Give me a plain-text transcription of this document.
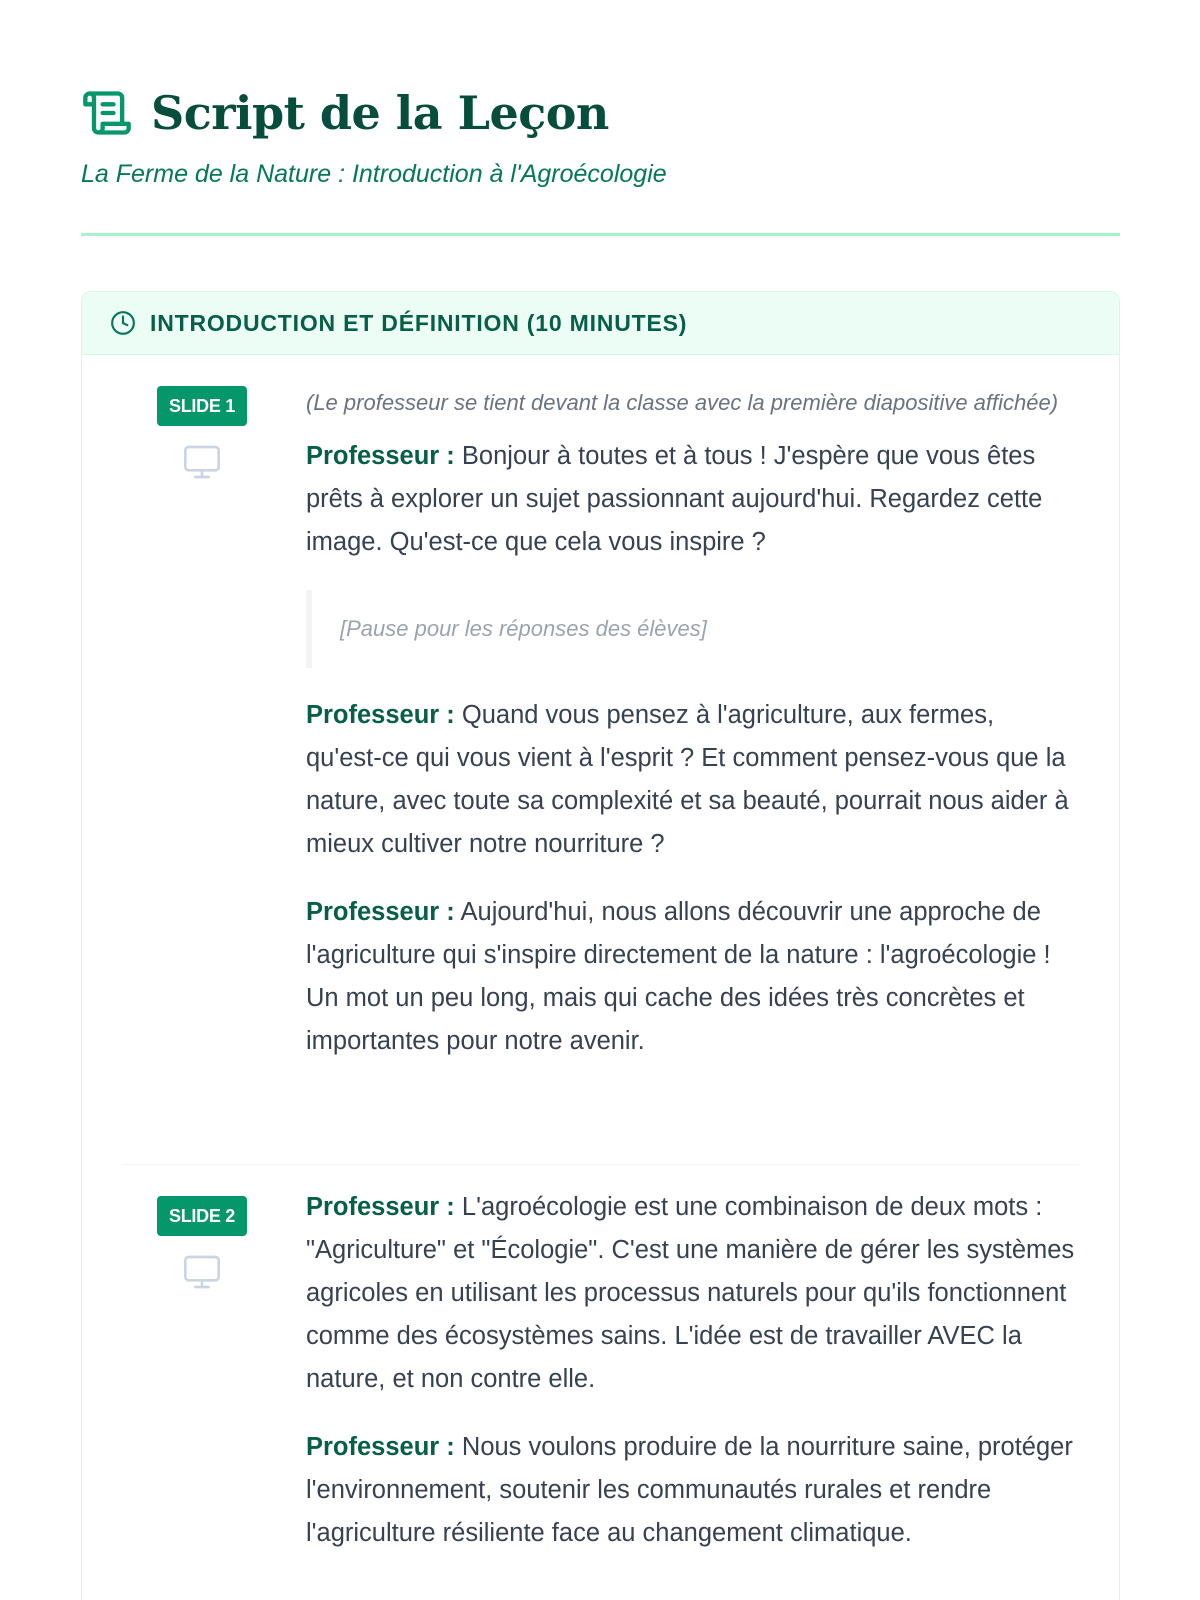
Script de la Leçon
La Ferme de la Nature : Introduction à l'Agroécologie
INTRODUCTION ET DÉFINITION (10 MINUTES)
SLIDE 1	(Le professeur se tient devant la classe avec la première diapositive affichée)

Professeur : Bonjour à toutes et à tous ! J'espère que vous êtes prêts à explorer un sujet passionnant aujourd'hui. Regardez cette image. Qu'est-ce que cela vous inspire ?

[Pause pour les réponses des élèves]

Professeur : Quand vous pensez à l'agriculture, aux fermes, qu'est-ce qui vous vient à l'esprit ? Et comment pensez-vous que la nature, avec toute sa complexité et sa beauté, pourrait nous aider à mieux cultiver notre nourriture ?

Professeur : Aujourd'hui, nous allons découvrir une approche de l'agriculture qui s'inspire directement de la nature : l'agroécologie ! Un mot un peu long, mais qui cache des idées très concrètes et importantes pour notre avenir.

SLIDE 2	Professeur : L'agroécologie est une combinaison de deux mots : "Agriculture" et "Écologie". C'est une manière de gérer les systèmes agricoles en utilisant les processus naturels pour qu'ils fonctionnent comme des écosystèmes sains. L'idée est de travailler AVEC la nature, et non contre elle.

Professeur : Nous voulons produire de la nourriture saine, protéger l'environnement, soutenir les communautés rurales et rendre l'agriculture résiliente face au changement climatique.
